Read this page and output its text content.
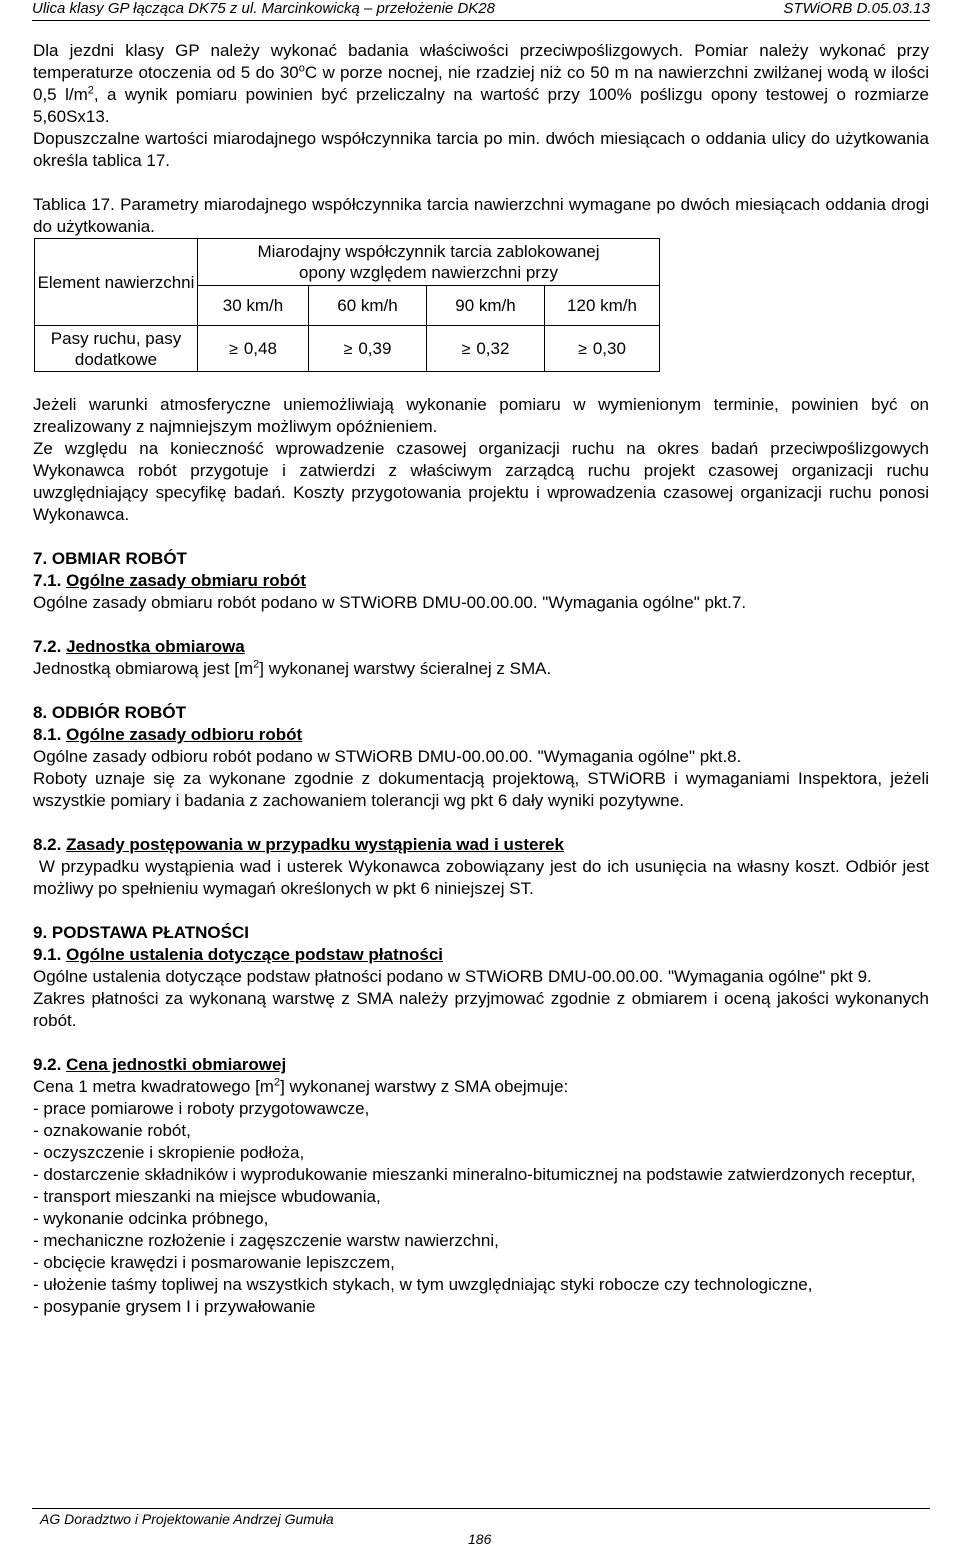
Ulica klasy GP łącząca DK75 z ul. Marcinkowicką – przełożenie DK28	STWiORB D.05.03.13

Dla jezdni klasy GP należy wykonać badania właściwości przeciwpoślizgowych. Pomiar należy wykonać przy temperaturze otoczenia od 5 do 30$^o$C w porze nocnej, nie rzadziej niż co 50 m na nawierzchni zwilżanej wodą w ilości 0,5 $l/m^2$, a wynik pomiaru powinien być przeliczalny na wartość przy 100% poślizgu opony testowej o rozmiarze 5,60Sx13.

Dopuszczalne wartości miarodajnego współczynnika tarcia po min. dwóch miesiącach o oddania ulicy do użytkowania określa tablica 17.

Tablica 17. Parametry miarodajnego współczynnika tarcia nawierzchni wymagane po dwóch miesiącach oddania drogi do użytkowania.

Element nawierzchni	Miarodajny współczynnik tarcia zablokowanej opony względem nawierzchni przy			
	30 km/h	60 km/h	90 km/h	120 km/h
Pasy ruchu, pasy dodatkowe	≥ 0,48	≥ 0,39	≥ 0,32	≥ 0,30

Jeżeli warunki atmosferyczne uniemożliwiają wykonanie pomiaru w wymienionym terminie, powinien być on zrealizowany z najmniejszym możliwym opóźnieniem.

Ze względu na konieczność wprowadzenie czasowej organizacji ruchu na okres badań przeciwpoślizgowych Wykonawca robót przygotuje i zatwierdzi z właściwym zarządcą ruchu projekt czasowej organizacji ruchu uwzględniający specyfikę badań. Koszty przygotowania projektu i wprowadzenia czasowej organizacji ruchu ponosi Wykonawca.

7. OBMIAR ROBÓT

7.1. Ogólne zasady obmiaru robót

Ogólne zasady obmiaru robót podano w STWiORB DMU-00.00.00. "Wymagania ogólne" pkt.7.

7.2. Jednostka obmiarowa

Jednostką obmiarową jest $[m^2]$ wykonanej warstwy ścieralnej z SMA.

8. ODBIÓR ROBÓT

8.1. Ogólne zasady odbioru robót

Ogólne zasady odbioru robót podano w STWiORB DMU-00.00.00. "Wymagania ogólne" pkt.8.

Roboty uznaje się za wykonane zgodnie z dokumentacją projektową, STWiORB i wymaganiami Inspektora, jeżeli wszystkie pomiary i badania z zachowaniem tolerancji wg pkt 6 dały wyniki pozytywne.

8.2. Zasady postępowania w przypadku wystąpienia wad i usterek

W przypadku wystąpienia wad i usterek Wykonawca zobowiązany jest do ich usunięcia na własny koszt. Odbiór jest możliwy po spełnieniu wymagań określonych w pkt 6 niniejszej ST.

9. PODSTAWA PŁATNOŚCI

9.1. Ogólne ustalenia dotyczące podstaw płatności

Ogólne ustalenia dotyczące podstaw płatności podano w STWiORB DMU-00.00.00. "Wymagania ogólne" pkt 9.

Zakres płatności za wykonaną warstwę z SMA należy przyjmować zgodnie z obmiarem i oceną jakości wykonanych robót.

9.2. Cena jednostki obmiarowej

Cena 1 metra kwadratowego $[m^2]$ wykonanej warstwy z SMA obejmuje:

- prace pomiarowe i roboty przygotowawcze,

- oznakowanie robót,

- oczyszczenie i skropienie podłoża,

- dostarczenie składników i wyprodukowanie mieszanki mineralno-bitumicznej na podstawie zatwierdzonych receptur,

- transport mieszanki na miejsce wbudowania,

- wykonanie odcinka próbnego,

- mechaniczne rozłożenie i zagęszczenie warstw nawierzchni,

- obcięcie krawędzi i posmarowanie lepiszczem,

- ułożenie taśmy topliwej na wszystkich stykach, w tym uwzględniając styki robocze czy technologiczne,

- posypanie grysem I i przywałowanie

AG Doradztwo i Projektowanie Andrzej Gumuła
186
